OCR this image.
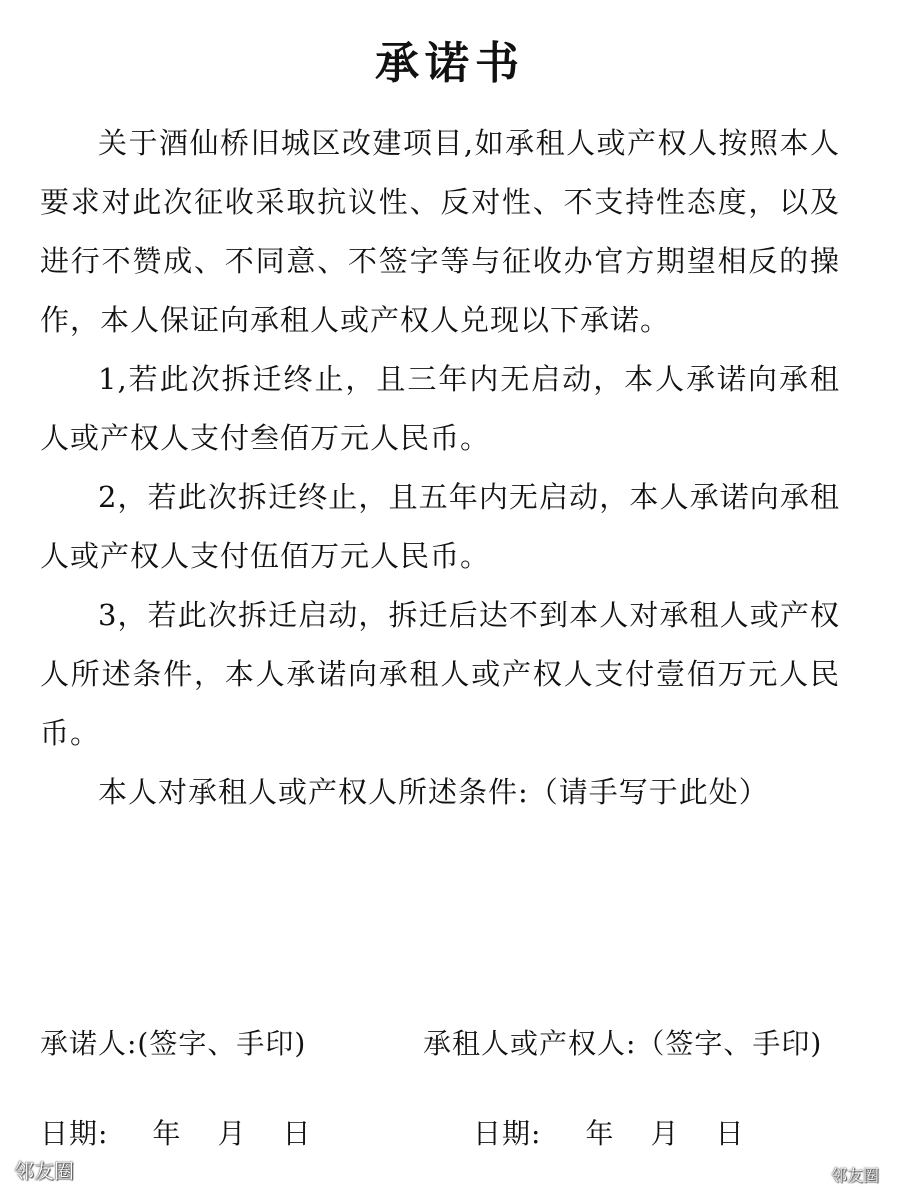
承诺书

关于酒仙桥旧城区改建项目,如承租人或产权人按照本人要求对此次征收采取抗议性、反对性、不支持性态度，以及进行不赞成、不同意、不签字等与征收办官方期望相反的操作，本人保证向承租人或产权人兑现以下承诺。

1,若此次拆迁终止，且三年内无启动，本人承诺向承租人或产权人支付叁佰万元人民币。

2，若此次拆迁终止，且五年内无启动，本人承诺向承租人或产权人支付伍佰万元人民币。

3，若此次拆迁启动，拆迁后达不到本人对承租人或产权人所述条件，本人承诺向承租人或产权人支付壹佰万元人民币。

本人对承租人或产权人所述条件:（请手写于此处）

承诺人:(签字、手印)	承租人或产权人:（签字、手印)
日期: 年 月 日	日期: 年 月 日
邻友圈	邻友圈
